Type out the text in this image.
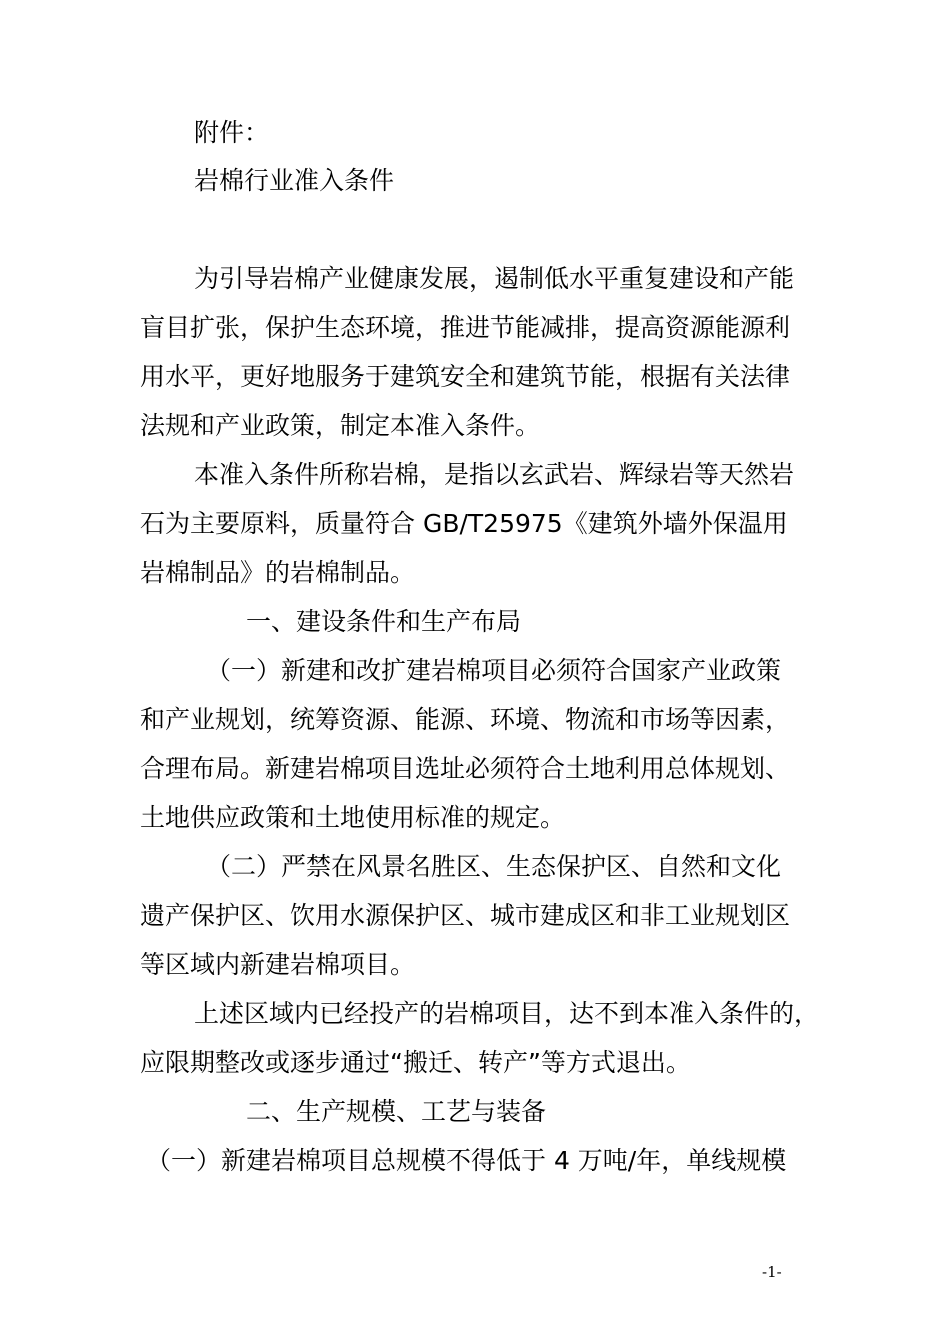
附件：

岩棉行业准入条件

为引导岩棉产业健康发展，遏制低水平重复建设和产能

盲目扩张，保护生态环境，推进节能减排，提高资源能源利

用水平，更好地服务于建筑安全和建筑节能，根据有关法律

法规和产业政策，制定本准入条件。

本准入条件所称岩棉，是指以玄武岩、辉绿岩等天然岩

石为主要原料，质量符合 GB/T25975《建筑外墙外保温用

岩棉制品》的岩棉制品。

一、建设条件和生产布局

（一）新建和改扩建岩棉项目必须符合国家产业政策

和产业规划，统筹资源、能源、环境、物流和市场等因素，

合理布局。新建岩棉项目选址必须符合土地利用总体规划、

土地供应政策和土地使用标准的规定。

（二）严禁在风景名胜区、生态保护区、自然和文化

遗产保护区、饮用水源保护区、城市建成区和非工业规划区

等区域内新建岩棉项目。

上述区域内已经投产的岩棉项目，达不到本准入条件的，

应限期整改或逐步通过“搬迁、转产”等方式退出。

二、生产规模、工艺与装备

（一）新建岩棉项目总规模不得低于 4 万吨/年，单线规模

-1-
